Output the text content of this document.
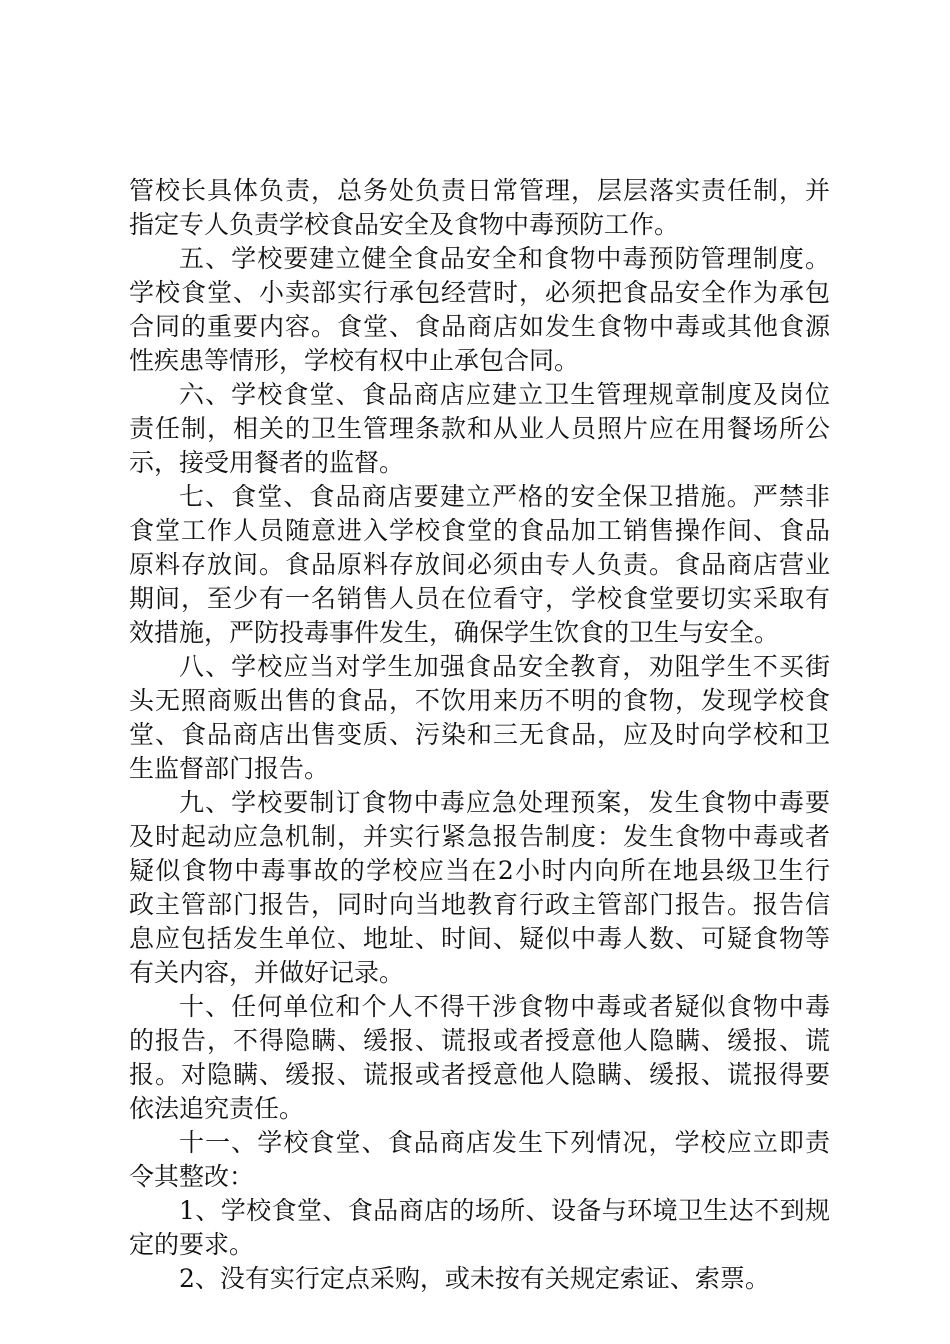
管校长具体负责，总务处负责日常管理，层层落实责任制，并
指定专人负责学校食品安全及食物中毒预防工作。
五、学校要建立健全食品安全和食物中毒预防管理制度。
学校食堂、小卖部实行承包经营时，必须把食品安全作为承包
合同的重要内容。食堂、食品商店如发生食物中毒或其他食源
性疾患等情形，学校有权中止承包合同。
六、学校食堂、食品商店应建立卫生管理规章制度及岗位
责任制，相关的卫生管理条款和从业人员照片应在用餐场所公
示，接受用餐者的监督。
七、食堂、食品商店要建立严格的安全保卫措施。严禁非
食堂工作人员随意进入学校食堂的食品加工销售操作间、食品
原料存放间。食品原料存放间必须由专人负责。食品商店营业
期间，至少有一名销售人员在位看守，学校食堂要切实采取有
效措施，严防投毒事件发生，确保学生饮食的卫生与安全。
八、学校应当对学生加强食品安全教育，劝阻学生不买街
头无照商贩出售的食品，不饮用来历不明的食物，发现学校食
堂、食品商店出售变质、污染和三无食品，应及时向学校和卫
生监督部门报告。
九、学校要制订食物中毒应急处理预案，发生食物中毒要
及时起动应急机制，并实行紧急报告制度：发生食物中毒或者
疑似食物中毒事故的学校应当在2小时内向所在地县级卫生行
政主管部门报告，同时向当地教育行政主管部门报告。报告信
息应包括发生单位、地址、时间、疑似中毒人数、可疑食物等
有关内容，并做好记录。
十、任何单位和个人不得干涉食物中毒或者疑似食物中毒
的报告，不得隐瞒、缓报、谎报或者授意他人隐瞒、缓报、谎
报。对隐瞒、缓报、谎报或者授意他人隐瞒、缓报、谎报得要
依法追究责任。
十一、学校食堂、食品商店发生下列情况，学校应立即责
令其整改：
1、学校食堂、食品商店的场所、设备与环境卫生达不到规
定的要求。
2、没有实行定点采购，或未按有关规定索证、索票。
